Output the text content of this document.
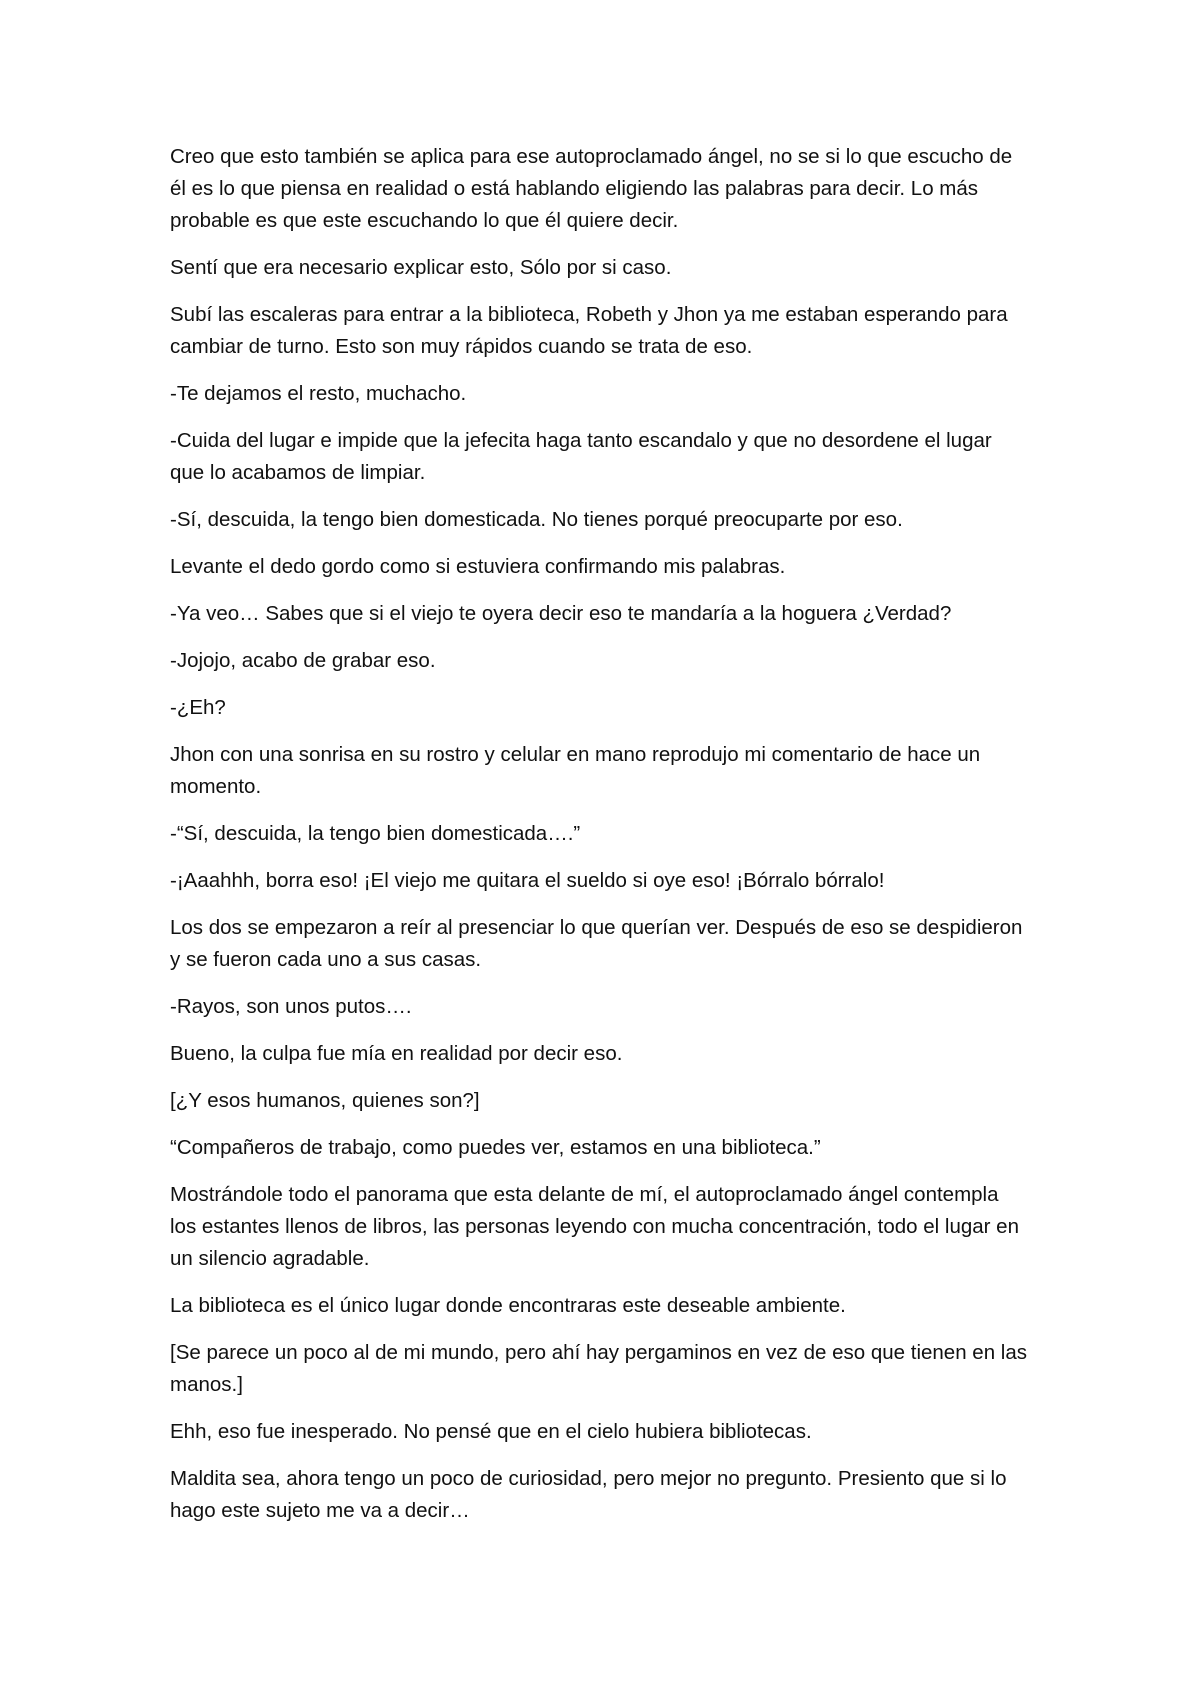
Creo que esto también se aplica para ese autoproclamado ángel, no se si lo que escucho de él es lo que piensa en realidad o está hablando eligiendo las palabras para decir. Lo más probable es que este escuchando lo que él quiere decir.

Sentí que era necesario explicar esto, Sólo por si caso.

Subí las escaleras para entrar a la biblioteca, Robeth y Jhon ya me estaban esperando para cambiar de turno. Esto son muy rápidos cuando se trata de eso.

-Te dejamos el resto, muchacho.

-Cuida del lugar e impide que la jefecita haga tanto escandalo y que no desordene el lugar que lo acabamos de limpiar.

-Sí, descuida, la tengo bien domesticada. No tienes porqué preocuparte por eso.

Levante el dedo gordo como si estuviera confirmando mis palabras.

-Ya veo… Sabes que si el viejo te oyera decir eso te mandaría a la hoguera ¿Verdad?

-Jojojo, acabo de grabar eso.

-¿Eh?

Jhon con una sonrisa en su rostro y celular en mano reprodujo mi comentario de hace un momento.

-“Sí, descuida, la tengo bien domesticada….”

-¡Aaahhh, borra eso! ¡El viejo me quitara el sueldo si oye eso! ¡Bórralo bórralo!

Los dos se empezaron a reír al presenciar lo que querían ver. Después de eso se despidieron y se fueron cada uno a sus casas.

-Rayos, son unos putos….

Bueno, la culpa fue mía en realidad por decir eso.

[¿Y esos humanos, quienes son?]

“Compañeros de trabajo, como puedes ver, estamos en una biblioteca.”

Mostrándole todo el panorama que esta delante de mí, el autoproclamado ángel contempla los estantes llenos de libros, las personas leyendo con mucha concentración, todo el lugar en un silencio agradable.

La biblioteca es el único lugar donde encontraras este deseable ambiente.

[Se parece un poco al de mi mundo, pero ahí hay pergaminos en vez de eso que tienen en las manos.]

Ehh, eso fue inesperado. No pensé que en el cielo hubiera bibliotecas.

Maldita sea, ahora tengo un poco de curiosidad, pero mejor no pregunto. Presiento que si lo hago este sujeto me va a decir…
